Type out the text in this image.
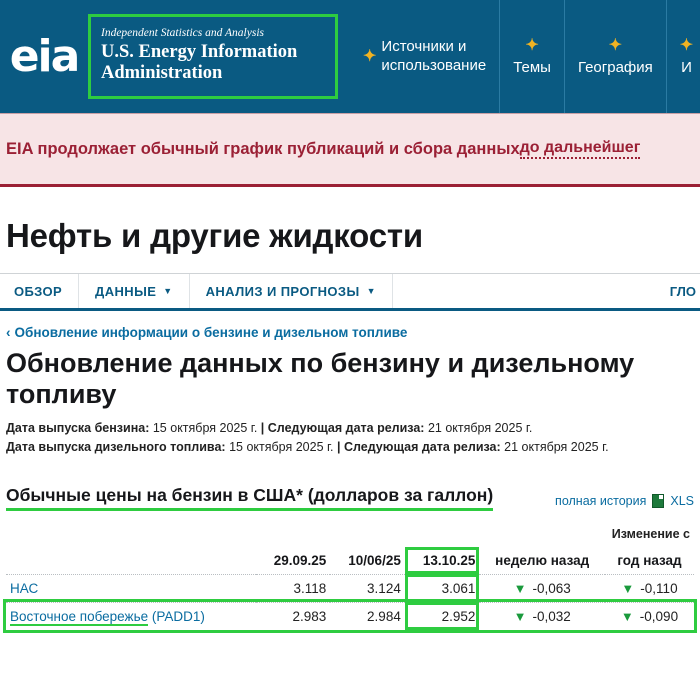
eia Independent Statistics and Analysis
U.S. Energy Information Administration
✦
Источники и использование
✦
Темы
✦
География
✦
И
EIA продолжает обычный график публикаций и сбора данных до дальнейшег
Нефть и другие жидкости
ОБЗОР	ДАННЫЕ ▼	АНАЛИЗ И ПРОГНОЗЫ ▼	ГЛО
‹ Обновление информации о бензине и дизельном топливе
Обновление данных по бензину и дизельному топливу
Дата выпуска бензина: 15 октября 2025 г. | Следующая дата релиза: 21 октября 2025 г.
Дата выпуска дизельного топлива: 15 октября 2025 г. | Следующая дата релиза: 21 октября 2025 г.
Обычные цены на бензин в США* (долларов за галлон)	полная история XLS
				Изменение с	
	29.09.25	10/06/25	13.10.25	неделю назад	год назад
НАС	3.118	3.124	3.061	▼ -0,063	▼ -0,110
Восточное побережье (PADD1)	2.983	2.984	2.952	▼ -0,032	▼ -0,090
